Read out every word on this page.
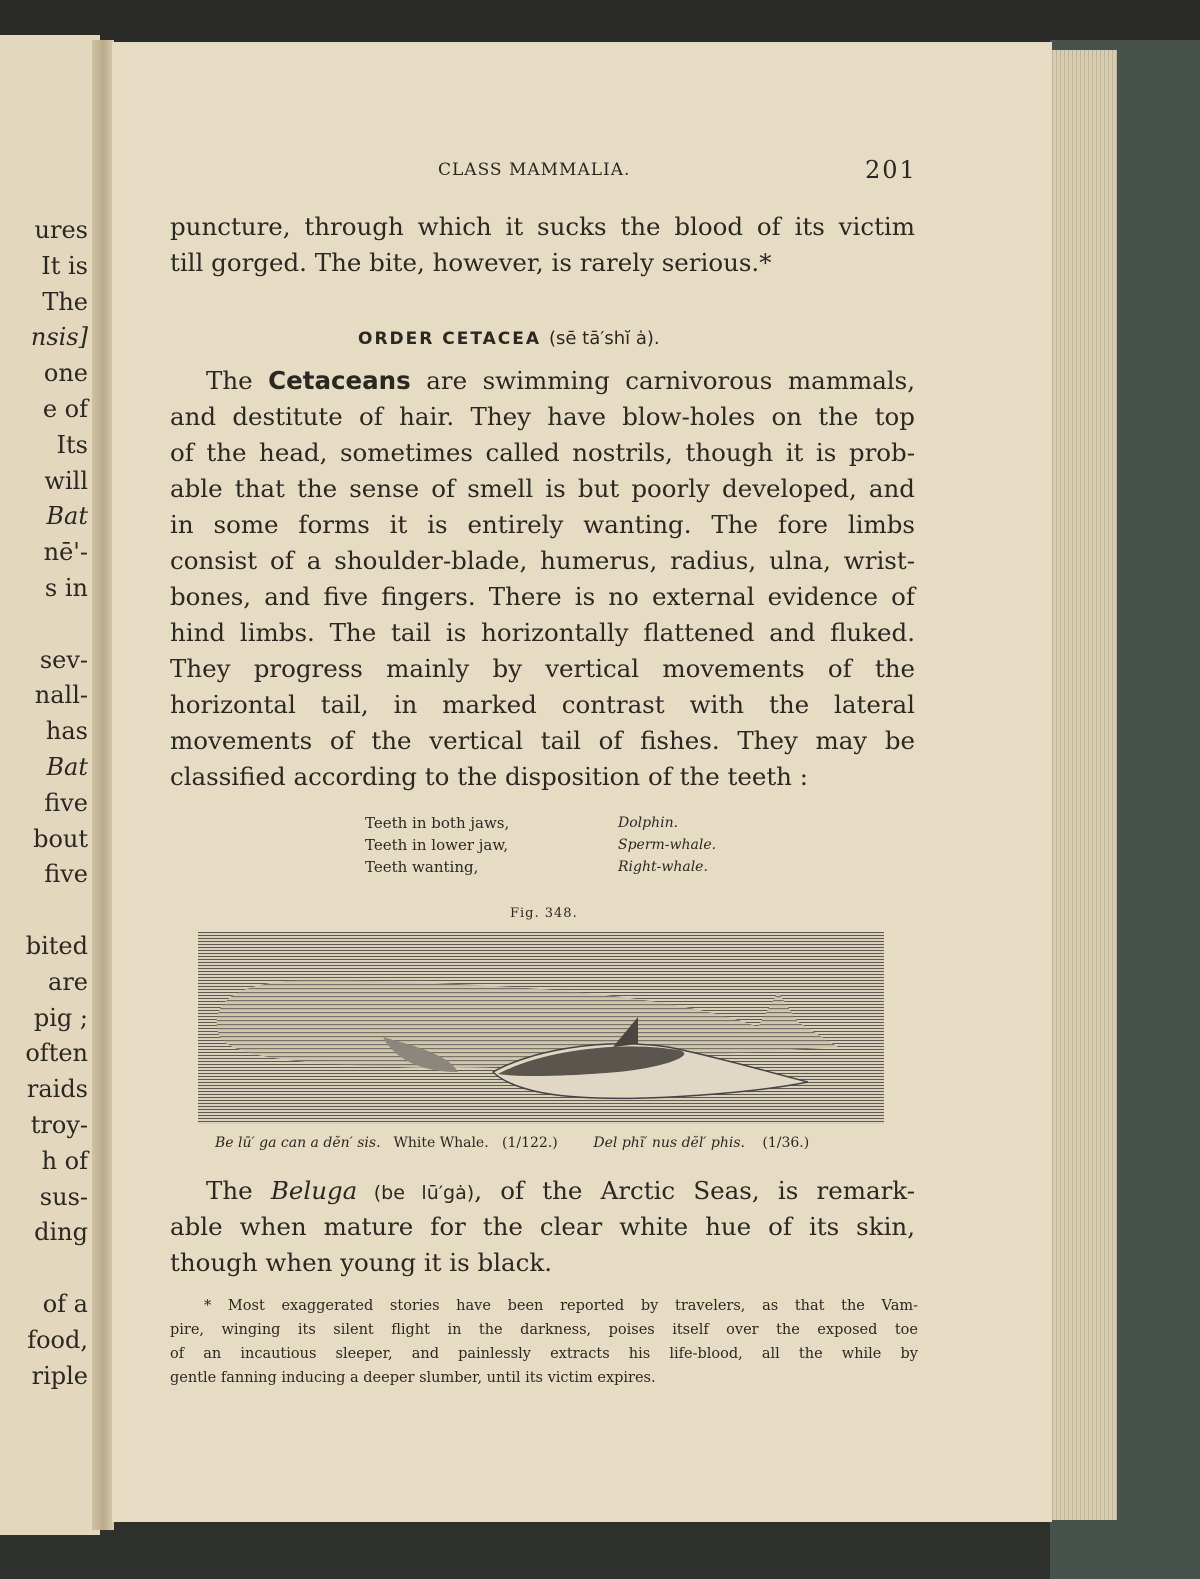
ures
It is
The
nsis]
one
e of
Its
will
Bat
nē'-
s in
sev-
nall-
has
Bat
five
bout
five
bited
are
pig ;
often
raids
troy-
h of
sus-
ding
of a
food,
riple
CLASS MAMMALIA.	201
puncture, through which it sucks the blood of its victim
till gorged. The bite, however, is rarely serious.*
ORDER CETACEA (sē tā′shĭ ȧ).
The Cetaceans are swimming carnivorous mammals,
Fig. 348.
Be lū′ ga can a dĕn′ sis. White Whale. (1/122.)	Del phī′ nus dĕl′ phis. (1/36.)
The Beluga (be lū′gȧ), of the Arctic Seas, is remark-
and destitute of hair. They have blow-holes on the top
of the head, sometimes called nostrils, though it is prob-
able that the sense of smell is but poorly developed, and
in some forms it is entirely wanting. The fore limbs
consist of a shoulder-blade, humerus, radius, ulna, wrist-
bones, and five fingers. There is no external evidence of
hind limbs. The tail is horizontally flattened and fluked.
They progress mainly by vertical movements of the
horizontal tail, in marked contrast with the lateral
movements of the vertical tail of fishes. They may be
classified according to the disposition of the teeth :
Teeth in both jaws,	Dolphin.
Teeth in lower jaw,	Sperm-whale.
Teeth wanting,	Right-whale.
able when mature for the clear white hue of its skin,
though when young it is black.
* Most exaggerated stories have been reported by travelers, as that the Vam-
pire, winging its silent flight in the darkness, poises itself over the exposed toe
of an incautious sleeper, and painlessly extracts his life-blood, all the while by
gentle fanning inducing a deeper slumber, until its victim expires.
